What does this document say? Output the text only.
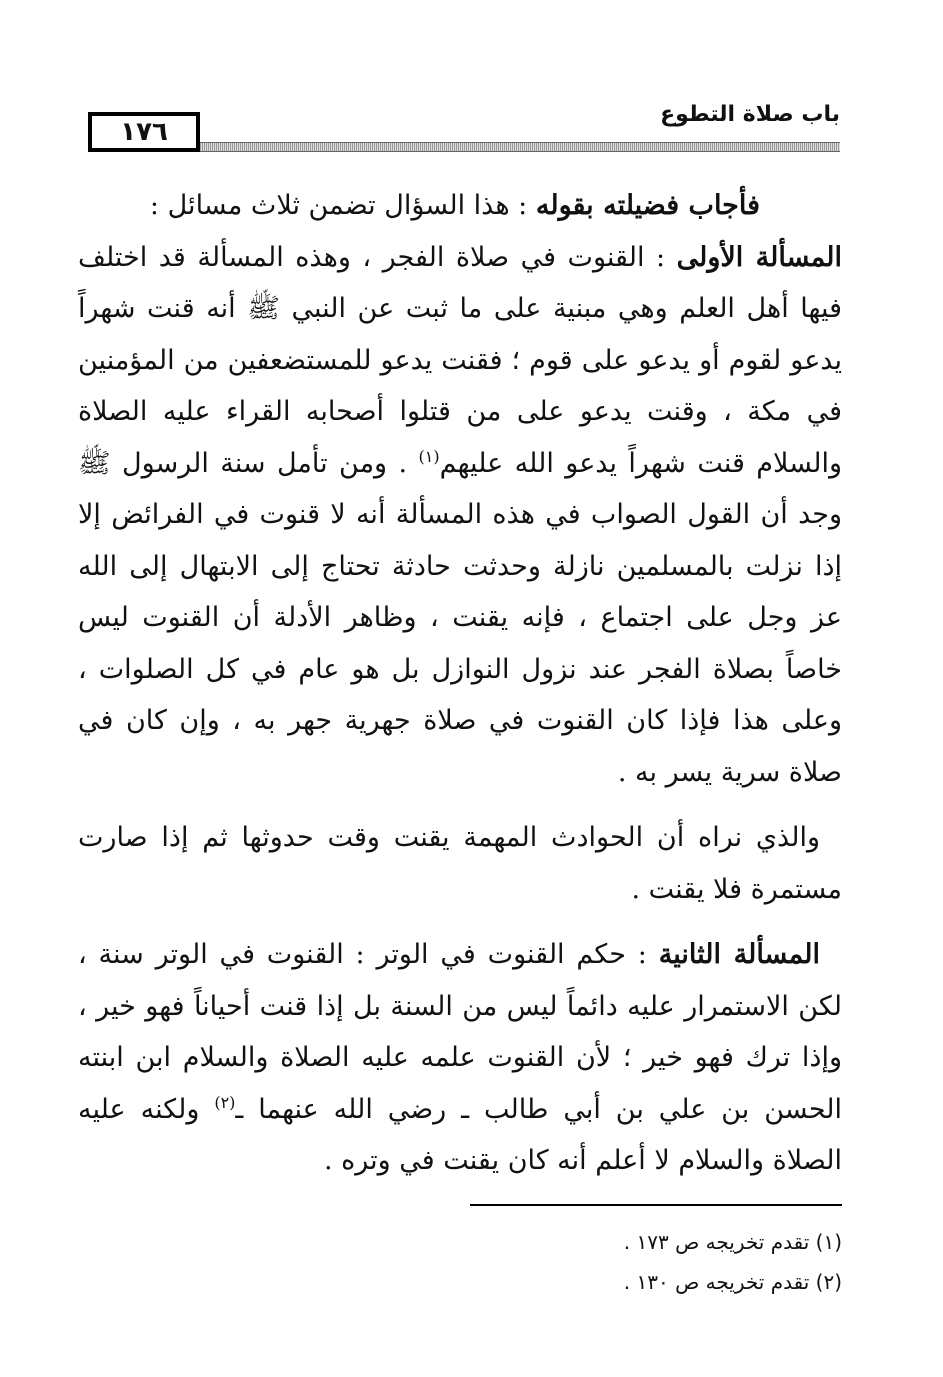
١٧٦
باب صلاة التطوع

فأجاب فضيلته بقوله : هذا السؤال تضمن ثلاث مسائل :

المسألة الأولى : القنوت في صلاة الفجر ، وهذه المسألة قد اختلف فيها أهل العلم وهي مبنية على ما ثبت عن النبي ﷺ أنه قنت شهراً يدعو لقوم أو يدعو على قوم ؛ فقنت يدعو للمستضعفين من المؤمنين في مكة ، وقنت يدعو على من قتلوا أصحابه القراء عليه الصلاة والسلام قنت شهراً يدعو الله عليهم$^{(١)}$ . ومن تأمل سنة الرسول ﷺ وجد أن القول الصواب في هذه المسألة أنه لا قنوت في الفرائض إلا إذا نزلت بالمسلمين نازلة وحدثت حادثة تحتاج إلى الابتهال إلى الله عز وجل على اجتماع ، فإنه يقنت ، وظاهر الأدلة أن القنوت ليس خاصاً بصلاة الفجر عند نزول النوازل بل هو عام في كل الصلوات ، وعلى هذا فإذا كان القنوت في صلاة جهرية جهر به ، وإن كان في صلاة سرية يسر به .

والذي نراه أن الحوادث المهمة يقنت وقت حدوثها ثم إذا صارت مستمرة فلا يقنت .

المسألة الثانية : حكم القنوت في الوتر : القنوت في الوتر سنة ، لكن الاستمرار عليه دائماً ليس من السنة بل إذا قنت أحياناً فهو خير ، وإذا ترك فهو خير ؛ لأن القنوت علمه عليه الصلاة والسلام ابن ابنته الحسن بن علي بن أبي طالب ـ رضي الله عنهما ـ$^{(٢)}$ ولكنه عليه الصلاة والسلام لا أعلم أنه كان يقنت في وتره .

(١) تقدم تخريجه ص ١٧٣ .

(٢) تقدم تخريجه ص ١٣٠ .
